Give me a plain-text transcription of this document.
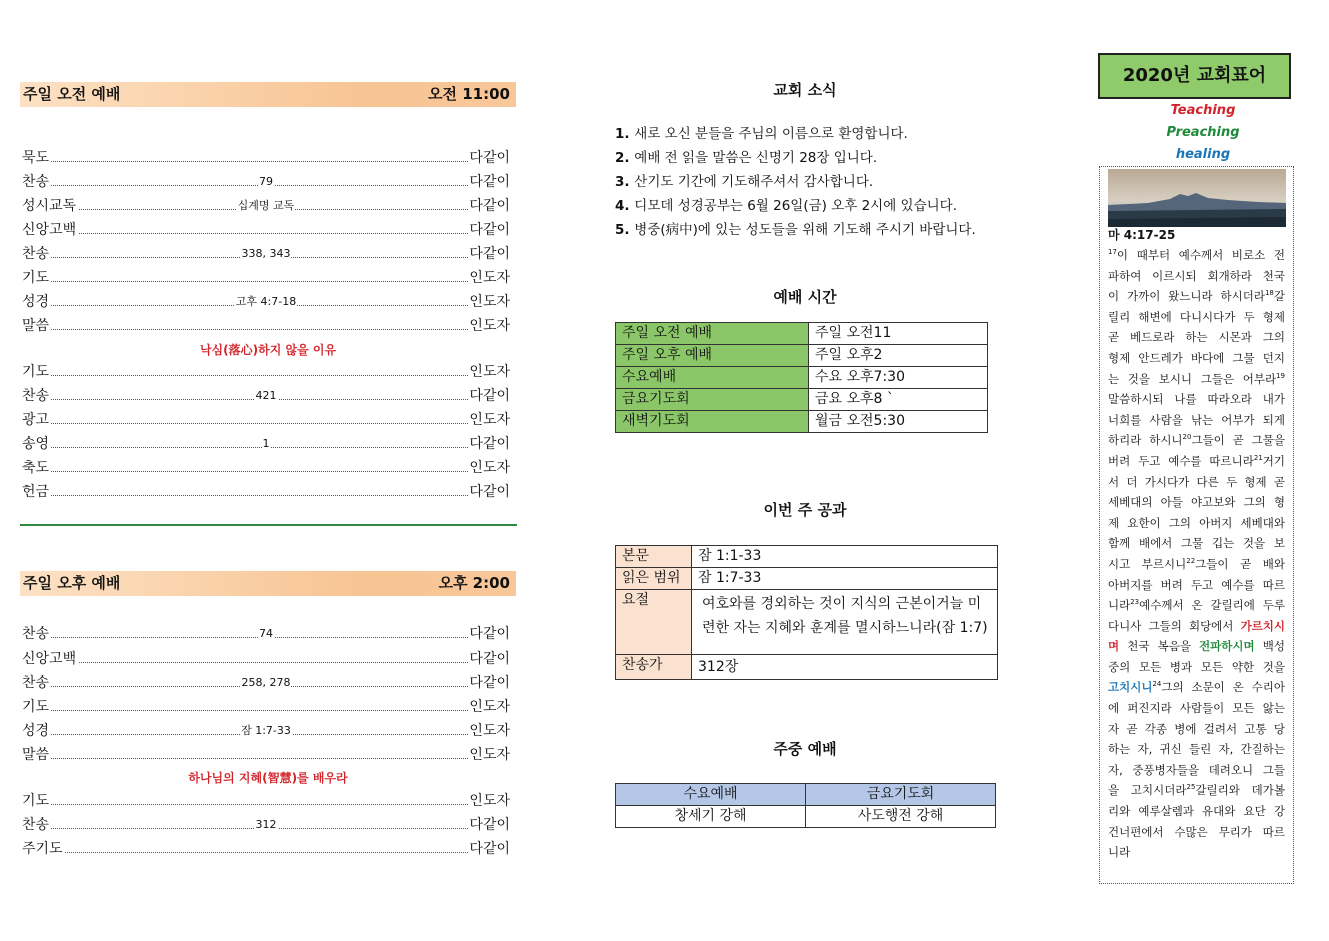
주일 오전 예배	오전 11:00
묵도	다같이
찬송	79	다같이
성시교독	십계명 교독	다같이
신앙고백	다같이
찬송	338, 343	다같이
기도	인도자
성경	고후 4:7-18	인도자
말씀	인도자
기도	인도자
찬송	421	다같이
광고	인도자
송영	1	다같이
축도	인도자
헌금	다같이
낙심(落心)하지 않을 이유
주일 오후 예배	오후 2:00
찬송	74	다같이
신앙고백	다같이
찬송	258, 278	다같이
기도	인도자
성경	잠 1:7-33	인도자
말씀	인도자
기도	인도자
찬송	312	다같이
주기도	다같이
하나님의 지혜(智慧)를 배우라
교회 소식
1. 새로 오신 분들을 주님의 이름으로 환영합니다.
2. 예배 전 읽을 말씀은 신명기 28장 입니다.
3. 산기도 기간에 기도해주셔서 감사합니다.
4. 디모데 성경공부는 6월 26일(금) 오후 2시에 있습니다.
5. 병중(病中)에 있는 성도들을 위해 기도해 주시기 바랍니다.
예배 시간
주일 오전 예배	주일 오전11
주일 오후 예배	주일 오후2
수요예배	수요 오후7:30
금요기도회	금요 오후8 `
새벽기도회	월금 오전5:30
이번 주 공과
본문	잠 1:1-33
읽은 범위	잠 1:7-33
요절	여호와를 경외하는 것이 지식의 근본이거늘 미련한 자는 지혜와 훈계를 멸시하느니라(잠 1:7)
찬송가	312장
주중 예배
수요예배	금요기도회
창세기 강해	사도행전 강해
2020년 교회표어
Teaching
Preaching
healing
마 4:17-25
$^{17}$이 때부터 예수께서 비로소 전
파하여 이르시되 회개하라 천국
이 가까이 왔느니라 하시더라$^{18}$갈
릴리 해변에 다니시다가 두 형제
곧 베드로라 하는 시몬과 그의
형제 안드레가 바다에 그물 던지
는 것을 보시니 그들은 어부라$^{19}$
말씀하시되 나를 따라오라 내가
너희를 사람을 낚는 어부가 되게
하리라 하시니$^{20}$그들이 곧 그물을
버려 두고 예수를 따르니라$^{21}$거기
서 더 가시다가 다른 두 형제 곧
세베대의 아들 야고보와 그의 형
제 요한이 그의 아버지 세베대와
함께 배에서 그물 깁는 것을 보
시고 부르시니$^{22}$그들이 곧 배와
아버지를 버려 두고 예수를 따르
니라$^{23}$예수께서 온 갈릴리에 두루
다니사 그들의 회당에서 가르치시
며 천국 복음을 전파하시며 백성
중의 모든 병과 모든 약한 것을
고치시니$^{24}$그의 소문이 온 수리아
에 퍼진지라 사람들이 모든 앓는
자 곧 각종 병에 걸려서 고통 당
하는 자, 귀신 들린 자, 간질하는
자, 중풍병자들을 데려오니 그들
을 고치시더라$^{25}$갈릴리와 데가볼
리와 예루살렘과 유대와 요단 강
건너편에서 수많은 무리가 따르
니라
